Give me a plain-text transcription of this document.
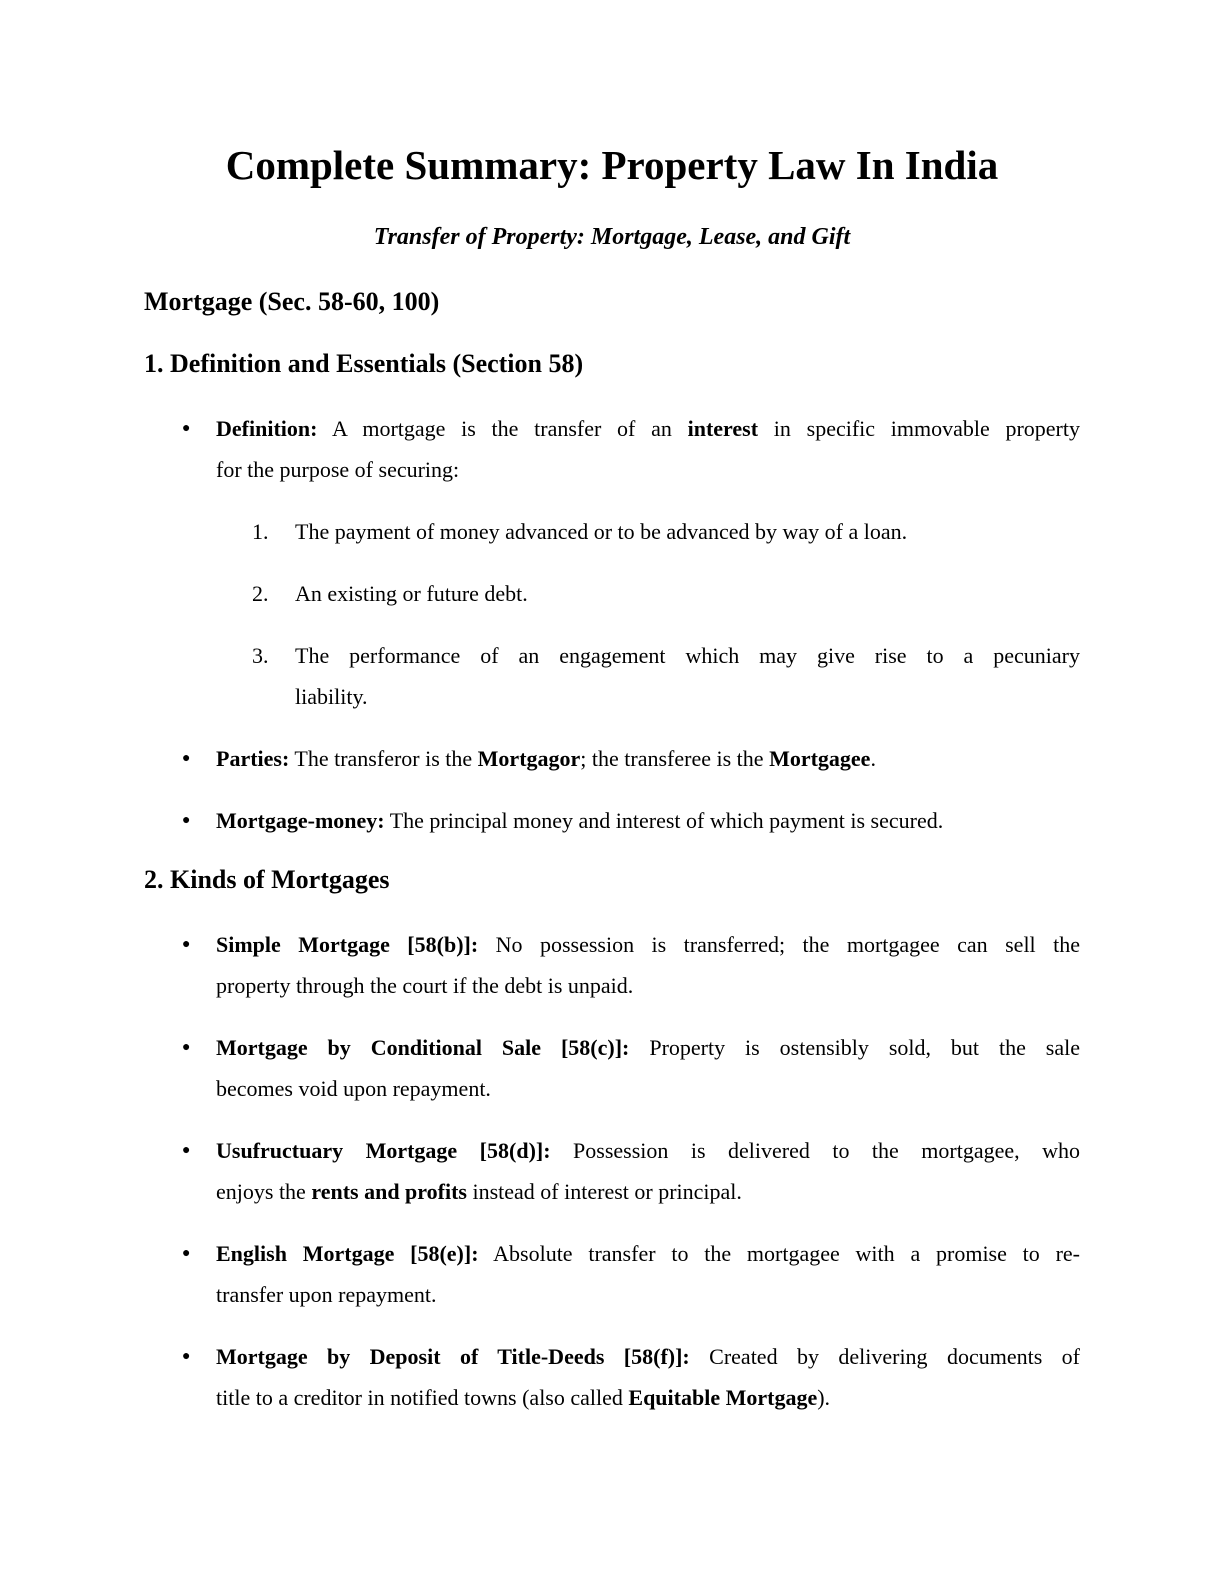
Complete Summary: Property Law In India

Transfer of Property: Mortgage, Lease, and Gift

Mortgage (Sec. 58-60, 100)
1. Definition and Essentials (Section 58)
● Definition: A mortgage is the transfer of an interest in specific immovable property
for the purpose of securing:
1. The payment of money advanced or to be advanced by way of a loan.
2. An existing or future debt.
3. The performance of an engagement which may give rise to a pecuniary
liability.
● Parties: The transferor is the Mortgagor; the transferee is the Mortgagee.
● Mortgage-money: The principal money and interest of which payment is secured.
2. Kinds of Mortgages
● Simple Mortgage [58(b)]: No possession is transferred; the mortgagee can sell the
property through the court if the debt is unpaid.
● Mortgage by Conditional Sale [58(c)]: Property is ostensibly sold, but the sale
becomes void upon repayment.
● Usufructuary Mortgage [58(d)]: Possession is delivered to the mortgagee, who
enjoys the rents and profits instead of interest or principal.
● English Mortgage [58(e)]: Absolute transfer to the mortgagee with a promise to re-
transfer upon repayment.
● Mortgage by Deposit of Title-Deeds [58(f)]: Created by delivering documents of
title to a creditor in notified towns (also called Equitable Mortgage).
